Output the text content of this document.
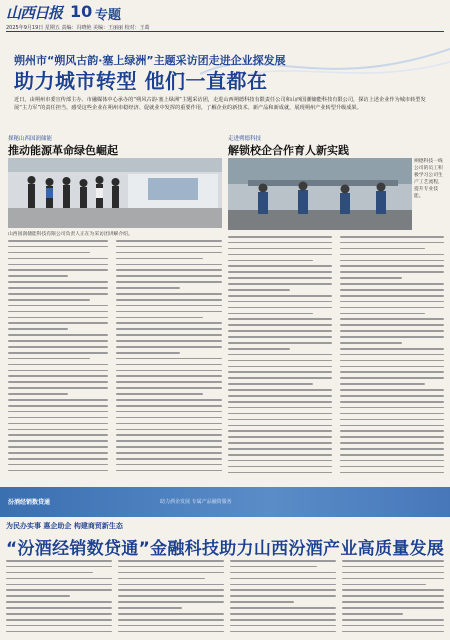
山西日报 10 专题
2025年9月19日 星期五 责编：冯晓艳 美编：王丽丽 校对：王葛
朔州市“朔风古韵·塞上绿洲”主题采访团走进企业探发展
助力城市转型 他们一直都在
近日，由朔州市委宣传部主办、市融媒体中心承办的“朔风古韵·塞上绿洲”主题采访团，走进山西朔德科技有限责任公司和山西国潮储能科技有限公司，探访上述企业作为城市转型发展“主力军”的责任担当，感受这些企业在朔州市稳经济、促就业中发挥的重要作用，了解企业的新技术、新产品和新成就，展现朔州产业转型升级成果。
探秘山西国润储能
推动能源革命绿色崛起
山西国润储能科技有限公司负责人正在为采访团讲解介绍。
走进朔德科技
解锁校企合作育人新实践
朔德科技一线公司的员工积极学习公司生产工艺流程，提升专业技能。
汾酒经销数贷通	助力酒企发展 专属产品融资服务
为民办实事 惠企助企 构建商贸新生态
“汾酒经销数贷通”金融科技助力山西汾酒产业高质量发展
